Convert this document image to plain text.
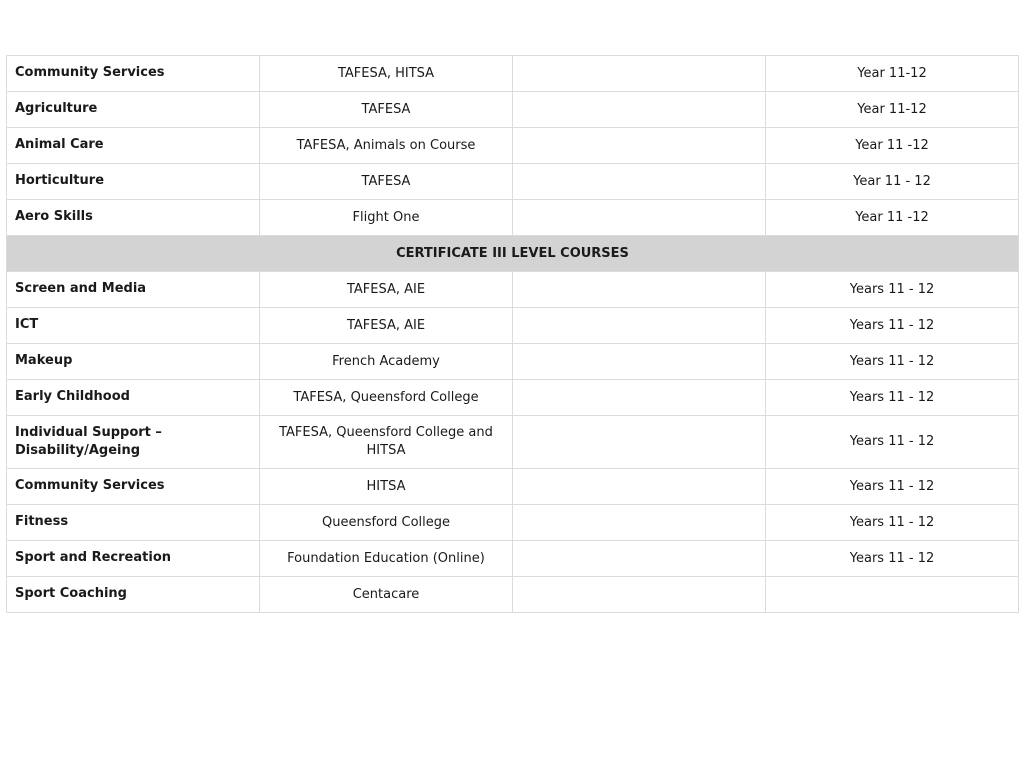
Community Services	TAFESA, HITSA		Year 11-12
Agriculture	TAFESA		Year 11-12
Animal Care	TAFESA, Animals on Course		Year 11 -12
Horticulture	TAFESA		Year 11 - 12
Aero Skills	Flight One		Year 11 -12
CERTIFICATE III LEVEL COURSES			
Screen and Media	TAFESA, AIE		Years 11 - 12
ICT	TAFESA, AIE		Years 11 - 12
Makeup	French Academy		Years 11 - 12
Early Childhood	TAFESA, Queensford College		Years 11 - 12
Individual Support – Disability/Ageing	TAFESA, Queensford College and HITSA		Years 11 - 12
Community Services	HITSA		Years 11 - 12
Fitness	Queensford College		Years 11 - 12
Sport and Recreation	Foundation Education (Online)		Years 11 - 12
Sport Coaching	Centacare		
